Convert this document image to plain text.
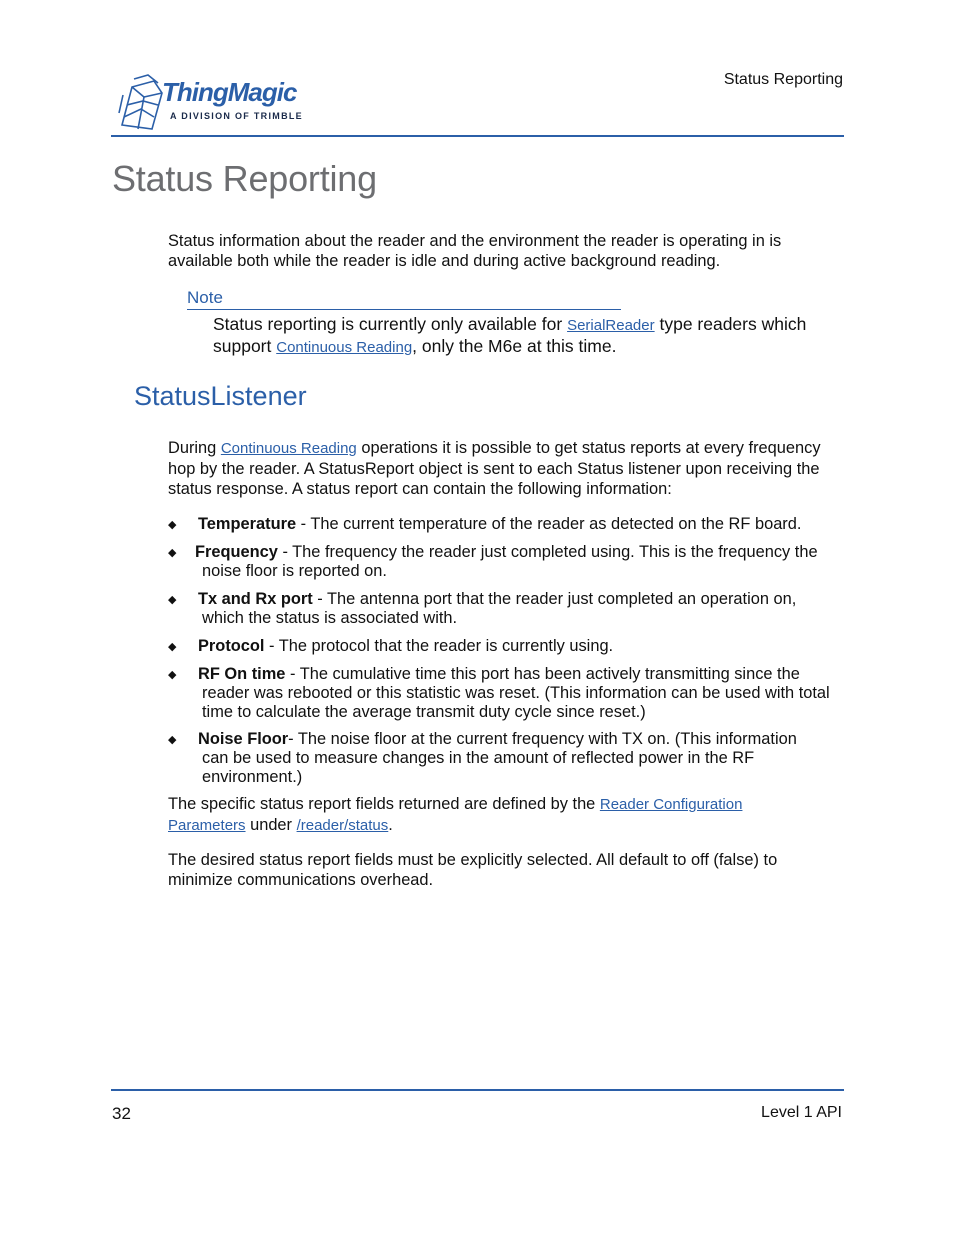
ThingMagic
A DIVISION OF TRIMBLE
Status Reporting
Status Reporting

Status information about the reader and the environment the reader is operating in is available both while the reader is idle and during active background reading.

Note
Status reporting is currently only available for SerialReader type readers which support Continuous Reading, only the M6e at this time.
StatusListener

During Continuous Reading operations it is possible to get status reports at every frequency hop by the reader. A StatusReport object is sent to each Status listener upon receiving the status response. A status report can contain the following information:

◆	Temperature - The current temperature of the reader as detected on the RF board.
◆	Frequency - The frequency the reader just completed using. This is the frequency the
noise floor is reported on.
◆	Tx and Rx port - The antenna port that the reader just completed an operation on,
which the status is associated with.
◆	Protocol - The protocol that the reader is currently using.
◆	RF On time - The cumulative time this port has been actively transmitting since the
reader was rebooted or this statistic was reset. (This information can be used with total time to calculate the average transmit duty cycle since reset.)
◆	Noise Floor- The noise floor at the current frequency with TX on. (This information
can be used to measure changes in the amount of reflected power in the RF environment.)

The specific status report fields returned are defined by the Reader Configuration Parameters under /reader/status.

The desired status report fields must be explicitly selected. All default to off (false) to minimize communications overhead.

32	Level 1 API
